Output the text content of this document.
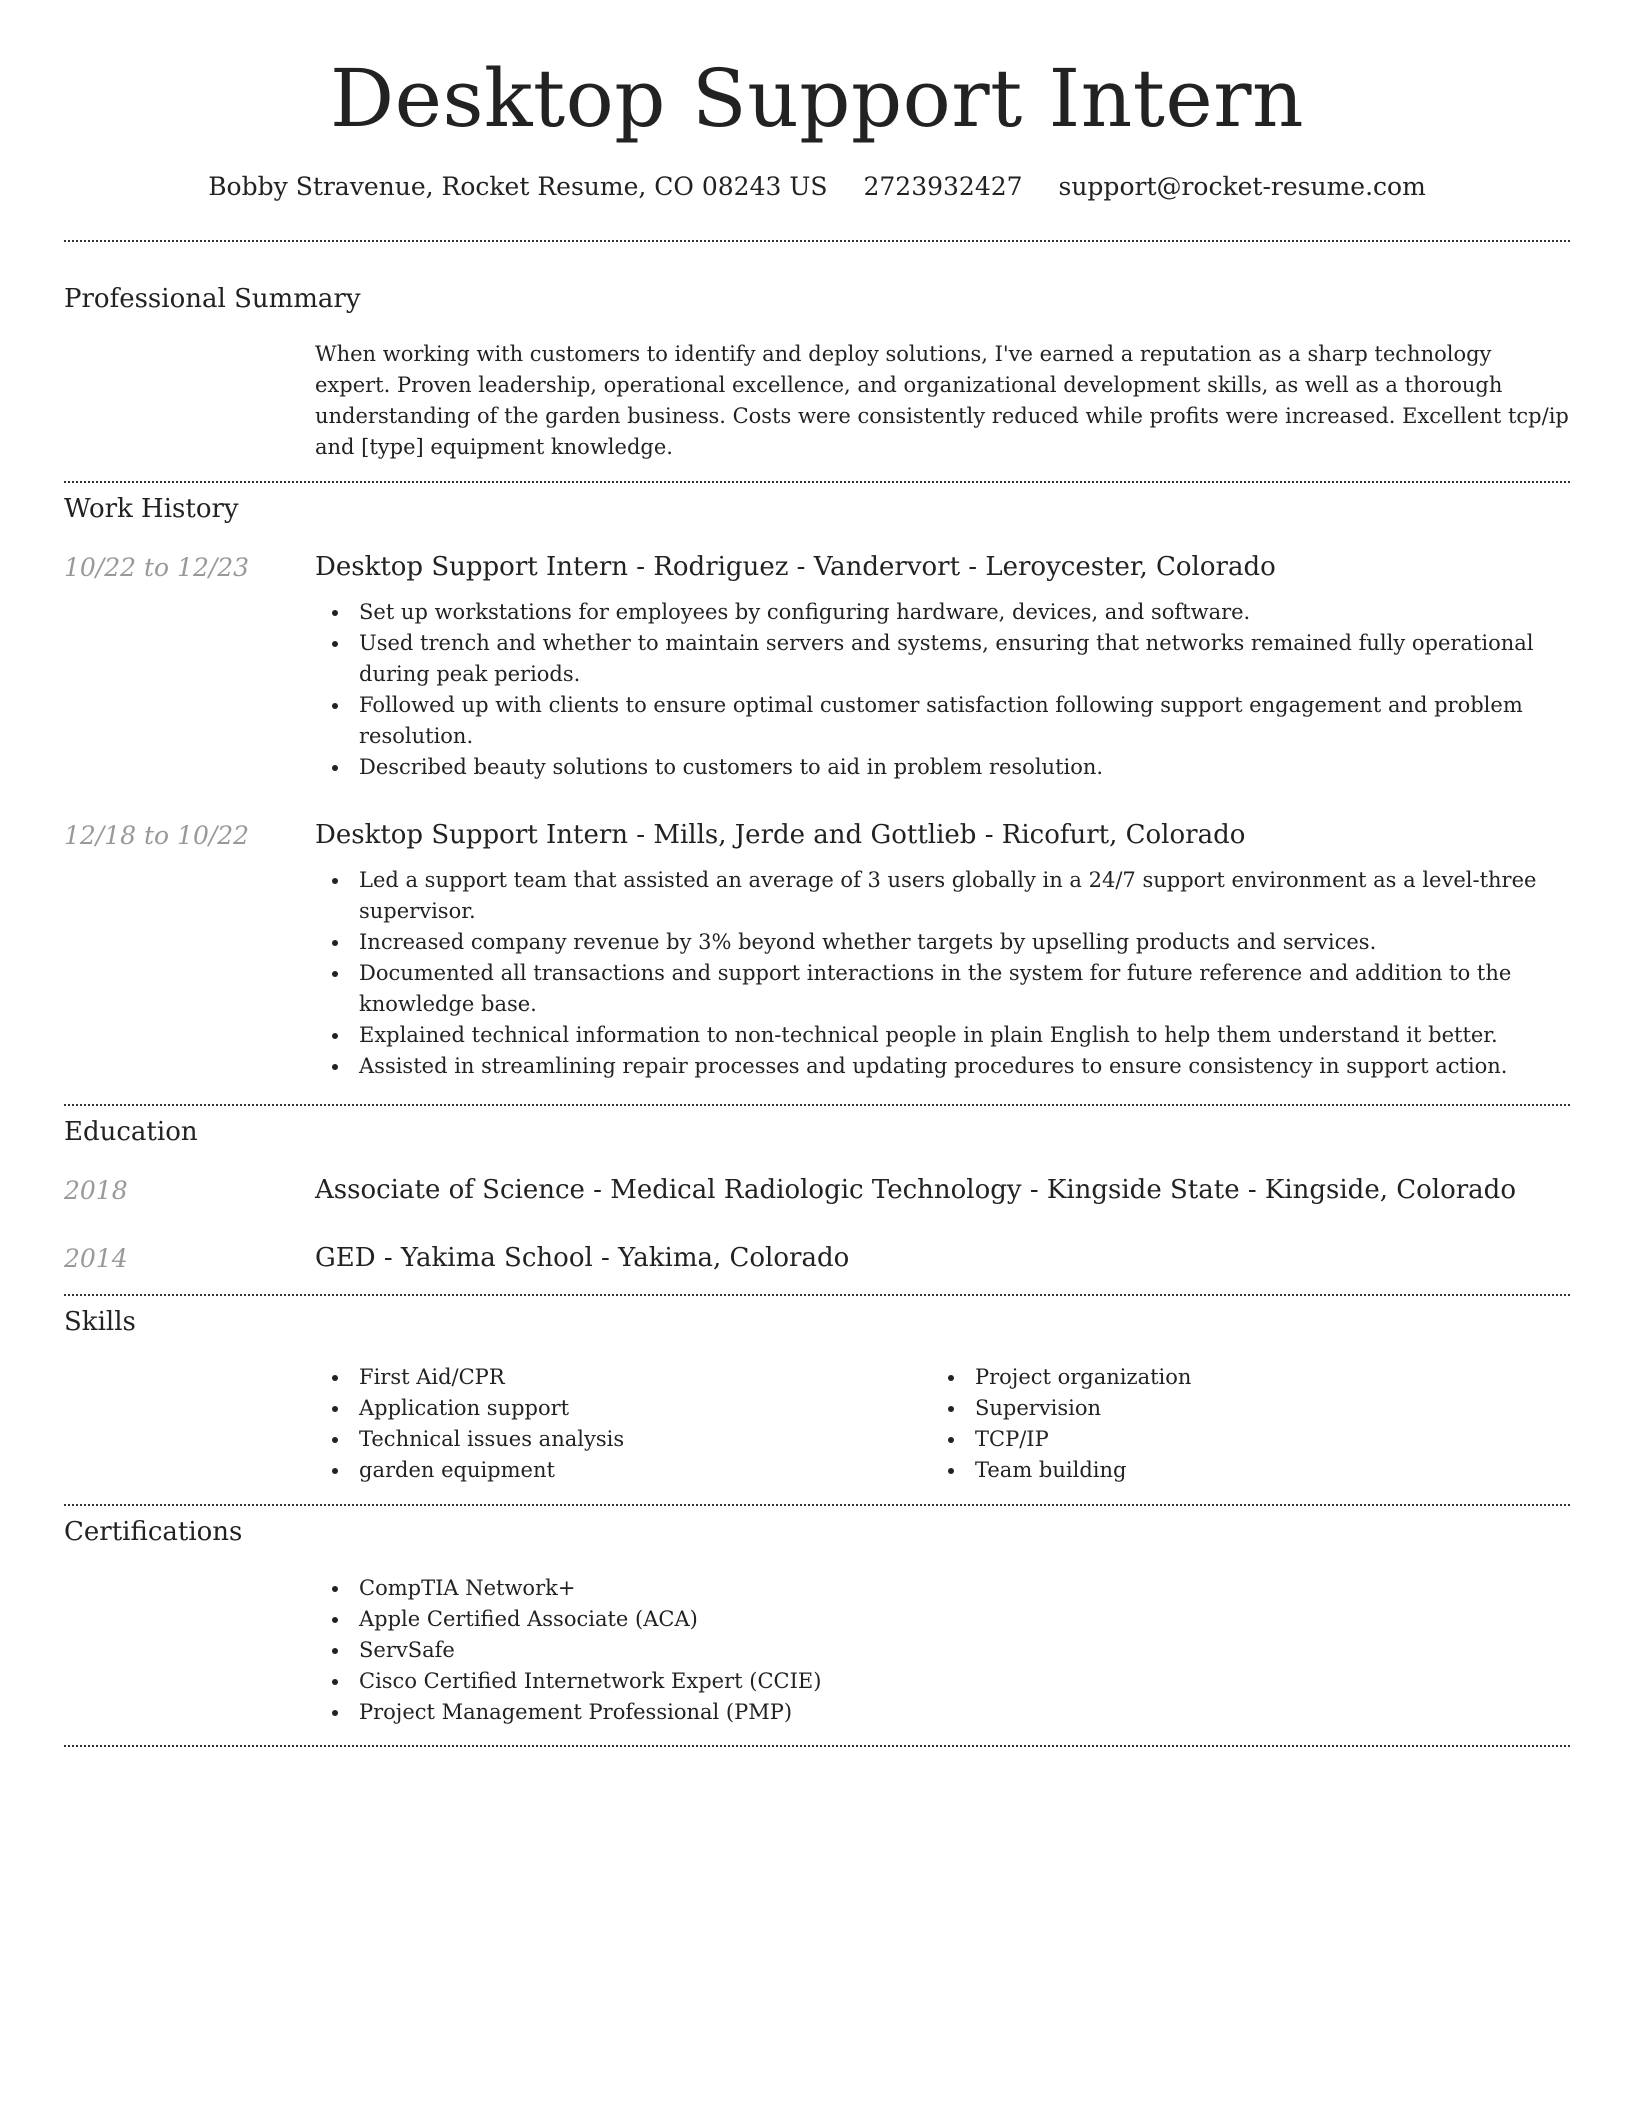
Desktop Support Intern
Bobby Stravenue, Rocket Resume, CO 08243 US 2723932427 support@rocket-resume.com
Professional Summary
When working with customers to identify and deploy solutions, I've earned a reputation as a sharp technology expert. Proven leadership, operational excellence, and organizational development skills, as well as a thorough understanding of the garden business. Costs were consistently reduced while profits were increased. Excellent tcp/ip and [type] equipment knowledge.
Work History
10/22 to 12/23	Desktop Support Intern - Rodriguez - Vandervort - Leroycester, Colorado
Set up workstations for employees by configuring hardware, devices, and software.
Used trench and whether to maintain servers and systems, ensuring that networks remained fully operational during peak periods.
Followed up with clients to ensure optimal customer satisfaction following support engagement and problem resolution.
Described beauty solutions to customers to aid in problem resolution.
12/18 to 10/22	Desktop Support Intern - Mills, Jerde and Gottlieb - Ricofurt, Colorado
Led a support team that assisted an average of 3 users globally in a 24/7 support environment as a level-three supervisor.
Increased company revenue by 3% beyond whether targets by upselling products and services.
Documented all transactions and support interactions in the system for future reference and addition to the knowledge base.
Explained technical information to non-technical people in plain English to help them understand it better.
Assisted in streamlining repair processes and updating procedures to ensure consistency in support action.
Education
2018	Associate of Science - Medical Radiologic Technology - Kingside State - Kingside, Colorado
2014	GED - Yakima School - Yakima, Colorado
Skills
First Aid/CPR
Application support
Technical issues analysis
garden equipment
Project organization
Supervision
TCP/IP
Team building
Certifications
CompTIA Network+
Apple Certified Associate (ACA)
ServSafe
Cisco Certified Internetwork Expert (CCIE)
Project Management Professional (PMP)
